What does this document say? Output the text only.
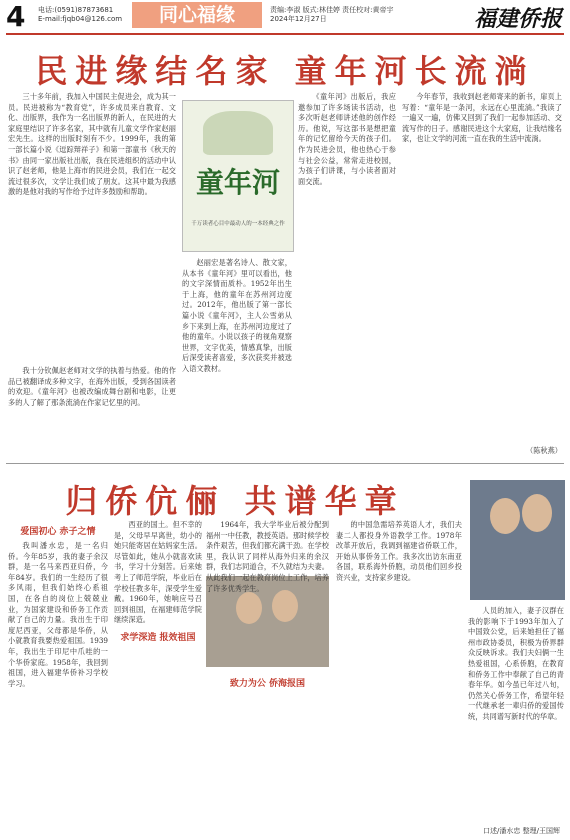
4 电话:(0591)87873681
E-mail:fjqb04@126.com	同心福缘	责编:李淑 版式:林佳婷 责任校对:黄帝宇
2024年12月27日	福建侨报
民进缘结名家 童年河长流淌

三十多年前，我加入中国民主促进会，成为其一员。民进被称为“教育党”，许多成员来自教育、文化、出版界，我作为一名出版界的新人，在民进的大家庭里结识了许多名家，其中就有儿童文学作家赵丽宏先生。这样的出版时刻有不少。1999年，我的第一部长篇小说《逗踪辩祥子》和第一部童书《秋天的书》由同一家出版社出版，我在民进组织的活动中认识了赵老师，他是上海市的民进会员，我们在一起交流过很多次，文学让我们成了朋友。这其中最为我感激的是他对我的写作给予过许多鼓励和帮助。	童年河
千万读者心目中最动人的一本经典之作

赵丽宏是著名诗人、散文家，从本书《童年河》里可以看出，他的文字深情而质朴。1952年出生于上海，他的童年在苏州河边度过。2012年，他出版了第一部长篇小说《童年河》，主人公雪弟从乡下来到上海，在苏州河边度过了他的童年。小说以孩子的视角观察世界，文字优美，情感真挚，出版后深受读者喜爱，多次获奖并被选入语文教材。

《童年河》出版后，我应邀参加了许多场读书活动，也多次听赵老师讲述他的创作经历。他说，写这部书是想把童年的记忆留给今天的孩子们。作为民进会员，他也热心于参与社会公益，常常走进校园，为孩子们讲课，与小读者面对面交流。

我十分钦佩赵老师对文学的执着与热爱。他的作品已被翻译成多种文字，在海外出版，受到各国读者的欢迎。《童年河》也被改编成舞台剧和电影，让更多的人了解了那条流淌在作家记忆里的河。

今年春节，我收到赵老师寄来的新书，扉页上写着：“童年是一条河，永远在心里流淌。”我读了一遍又一遍，仿佛又回到了我们一起参加活动、交流写作的日子。感谢民进这个大家庭，让我结缘名家，也让文学的河流一直在我的生活中流淌。

（陈秋燕）
归侨伉俪 共谱华章
爱国初心 赤子之情

我叫潘水忠，是一名归侨。今年85岁，我的妻子余汉群，是一名马来西亚归侨，今年84岁。我们的一生经历了很多风雨，但我们始终心系祖国，在各自的岗位上兢兢业业，为国家建设和侨务工作贡献了自己的力量。我出生于印度尼西亚，父母都是华侨，从小就教育我要热爱祖国。1939年，我出生于印尼中爪哇的一个华侨家庭。1958年，我回到祖国，进入福建华侨补习学校学习。

西亚的国土。但不幸的是，父母早早离世，幼小的她只能寄居在姑妈家生活。尽管如此，她从小就喜欢读书，学习十分刻苦。后来她考上了师范学院，毕业后在学校任教多年，深受学生爱戴。1960年，她响应号召回到祖国，在福建师范学院继续深造。

求学深造 报效祖国

1964年，我大学毕业后被分配到福州一中任教，教授英语。那时候学校条件艰苦，但我们都充满干劲。在学校里，我认识了同样从海外归来的余汉群，我们志同道合，不久就结为夫妻。从此我们一起在教育岗位上工作，培养了许多优秀学生。

致力为公 侨海报国

的中国急需培养英语人才，我们夫妻二人都投身外语教学工作。1978年改革开放后，我调到福建省侨联工作，开始从事侨务工作。我多次出访东南亚各国，联系海外侨胞，动员他们回乡投资兴业，支持家乡建设。

人员的加入，妻子汉群在我的影响下于1993年加入了中国致公党，后来她担任了福州市政协委员，积极为侨界群众反映诉求。我们夫妇俩一生热爱祖国，心系侨胞，在教育和侨务工作中奉献了自己的青春年华。如今虽已年过八旬，仍然关心侨务工作，希望年轻一代继承老一辈归侨的爱国传统，共同谱写新时代的华章。

口述/潘水忠 整理/王国辉
